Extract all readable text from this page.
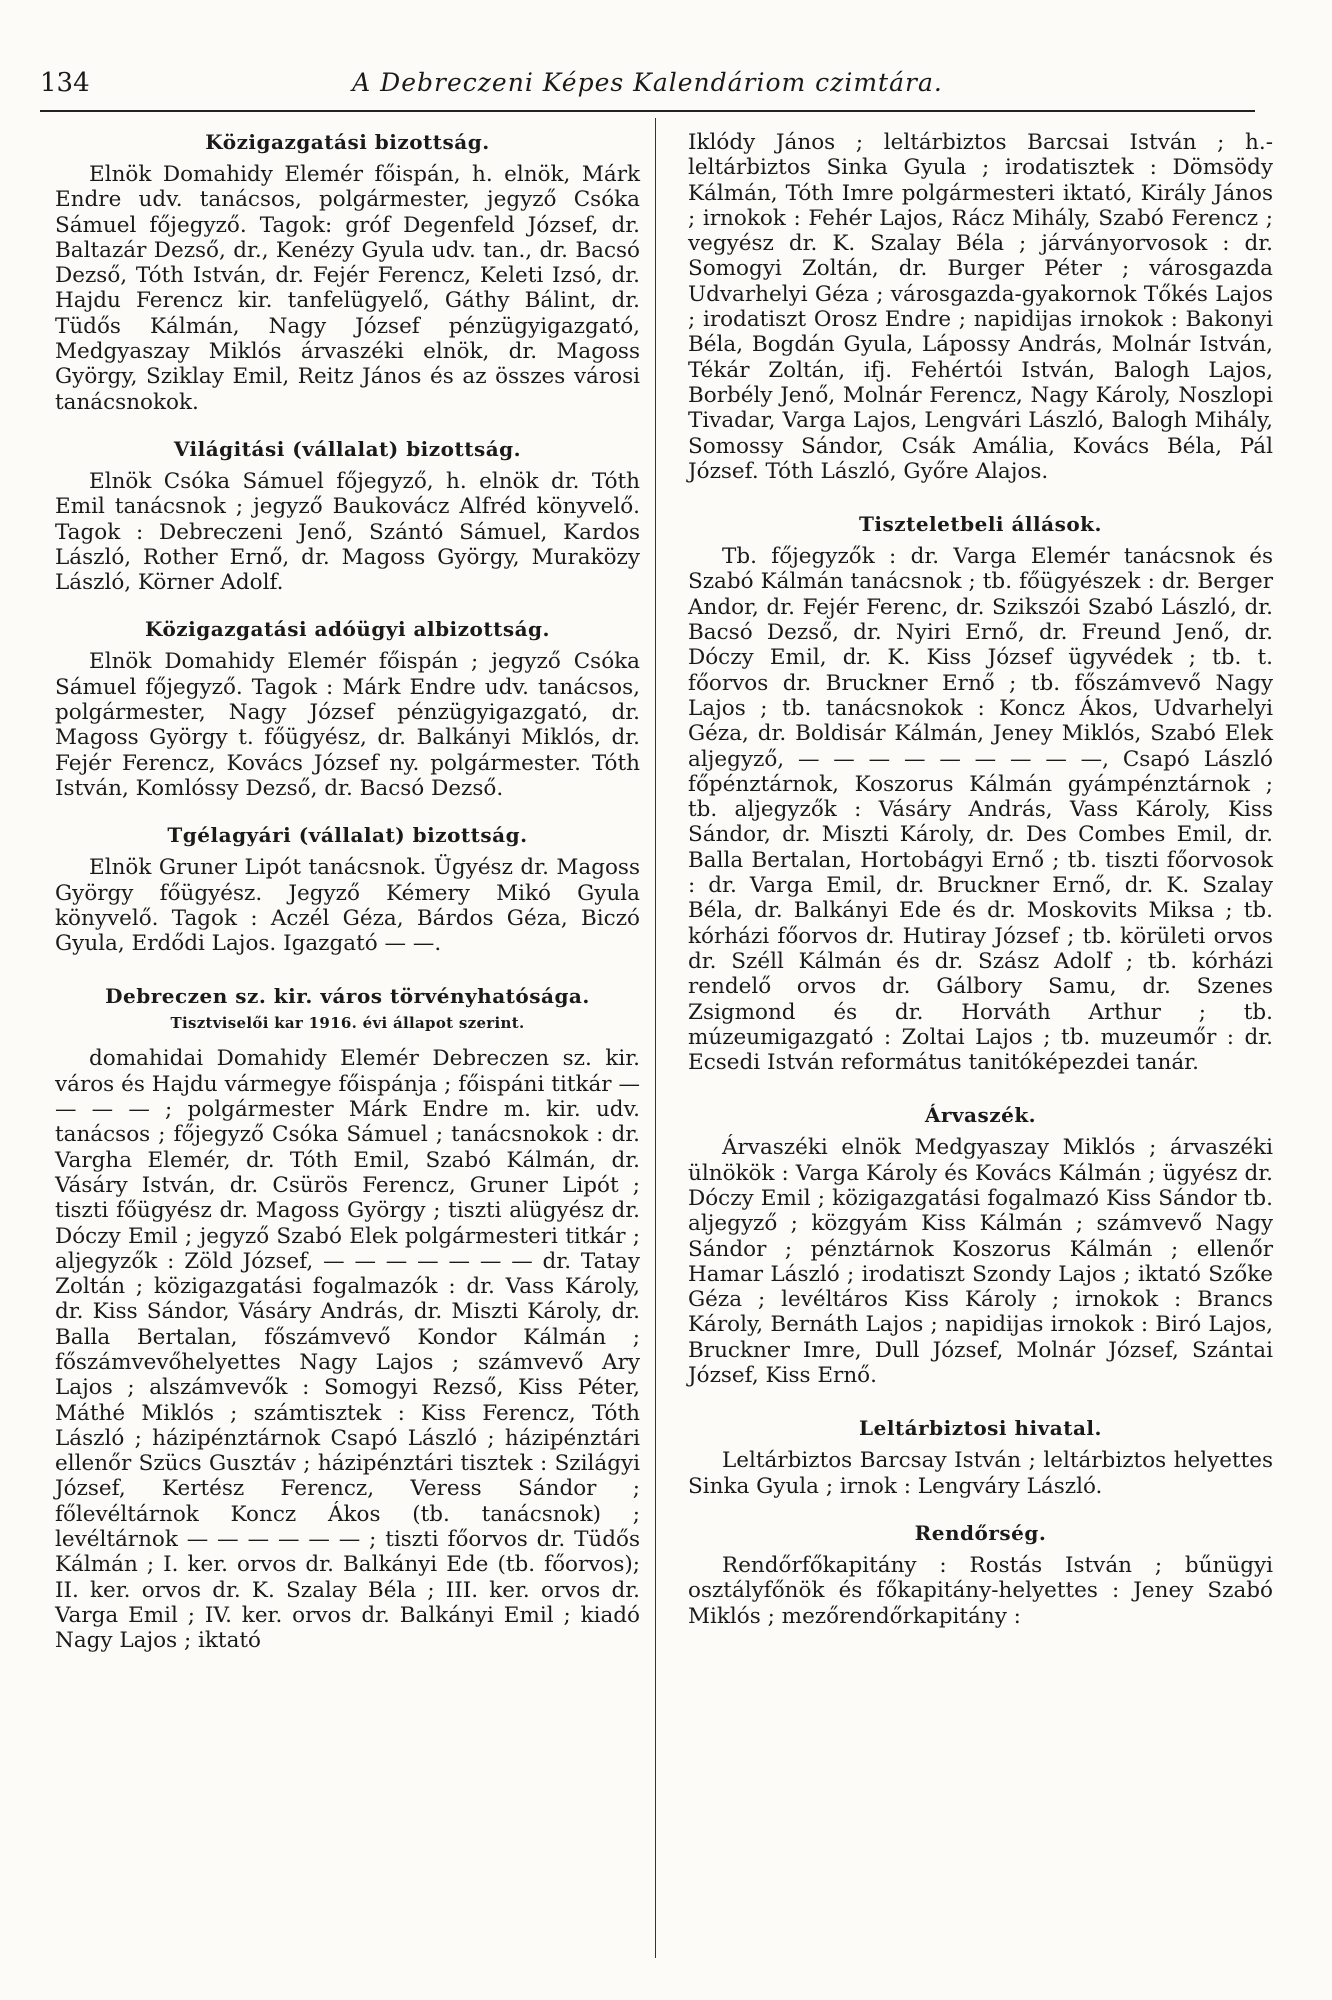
134	A Debreczeni Képes Kalendáriom czimtára.
Közigazgatási bizottság.

Elnök Domahidy Elemér főispán, h. elnök, Márk Endre udv. tanácsos, polgármester, jegyző Csóka Sámuel főjegyző. Tagok: gróf Degenfeld József, dr. Baltazár Dezső, dr., Kenézy Gyula udv. tan., dr. Bacsó Dezső, Tóth István, dr. Fejér Ferencz, Keleti Izsó, dr. Hajdu Ferencz kir. tanfelügyelő, Gáthy Bálint, dr. Tüdős Kálmán, Nagy József pénzügyigazgató, Medgyaszay Miklós árvaszéki elnök, dr. Magoss György, Sziklay Emil, Reitz János és az összes városi tanácsnokok.

Világitási (vállalat) bizottság.

Elnök Csóka Sámuel főjegyző, h. elnök dr. Tóth Emil tanácsnok ; jegyző Baukovácz Alfréd könyvelő. Tagok : Debreczeni Jenő, Szántó Sámuel, Kardos László, Rother Ernő, dr. Magoss György, Muraközy László, Körner Adolf.

Közigazgatási adóügyi albizottság.

Elnök Domahidy Elemér főispán ; jegyző Csóka Sámuel főjegyző. Tagok : Márk Endre udv. tanácsos, polgármester, Nagy József pénzügyigazgató, dr. Magoss György t. főügyész, dr. Balkányi Miklós, dr. Fejér Ferencz, Kovács József ny. polgármester. Tóth István, Komlóssy Dezső, dr. Bacsó Dezső.

Tgélagyári (vállalat) bizottság.

Elnök Gruner Lipót tanácsnok. Ügyész dr. Magoss György főügyész. Jegyző Kémery Mikó Gyula könyvelő. Tagok : Aczél Géza, Bárdos Géza, Biczó Gyula, Erdődi Lajos. Igazgató — —.

Debreczen sz. kir. város törvényhatósága.
Tisztviselői kar 1916. évi állapot szerint.

domahidai Domahidy Elemér Debreczen sz. kir. város és Hajdu vármegye főispánja ; főispáni titkár — — — — ; polgármester Márk Endre m. kir. udv. tanácsos ; főjegyző Csóka Sámuel ; tanácsnokok : dr. Vargha Elemér, dr. Tóth Emil, Szabó Kálmán, dr. Vásáry István, dr. Csürös Ferencz, Gruner Lipót ; tiszti főügyész dr. Magoss György ; tiszti alügyész dr. Dóczy Emil ; jegyző Szabó Elek polgármesteri titkár ; aljegyzők : Zöld József, — — — — — — — dr. Tatay Zoltán ; közigazgatási fogalmazók : dr. Vass Károly, dr. Kiss Sándor, Vásáry András, dr. Miszti Károly, dr. Balla Bertalan, főszámvevő Kondor Kálmán ; főszámvevőhelyettes Nagy Lajos ; számvevő Ary Lajos ; alszámvevők : Somogyi Rezső, Kiss Péter, Máthé Miklós ; számtisztek : Kiss Ferencz, Tóth László ; házipénztárnok Csapó László ; házipénztári ellenőr Szücs Gusztáv ; házipénztári tisztek : Szilágyi József, Kertész Ferencz, Veress Sándor ; főlevéltárnok Koncz Ákos (tb. tanácsnok) ; levéltárnok — — — — — — ; tiszti főorvos dr. Tüdős Kálmán ; I. ker. orvos dr. Balkányi Ede (tb. főorvos); II. ker. orvos dr. K. Szalay Béla ; III. ker. orvos dr. Varga Emil ; IV. ker. orvos dr. Balkányi Emil ; kiadó Nagy Lajos ; iktató

Iklódy János ; leltárbiztos Barcsai István ; h.-leltárbiztos Sinka Gyula ; irodatisztek : Dömsödy Kálmán, Tóth Imre polgármesteri iktató, Király János ; irnokok : Fehér Lajos, Rácz Mihály, Szabó Ferencz ; vegyész dr. K. Szalay Béla ; járványorvosok : dr. Somogyi Zoltán, dr. Burger Péter ; városgazda Udvarhelyi Géza ; városgazda-gyakornok Tőkés Lajos ; irodatiszt Orosz Endre ; napidijas irnokok : Bakonyi Béla, Bogdán Gyula, Lápossy András, Molnár István, Tékár Zoltán, ifj. Fehértói István, Balogh Lajos, Borbély Jenő, Molnár Ferencz, Nagy Károly, Noszlopi Tivadar, Varga Lajos, Lengvári László, Balogh Mihály, Somossy Sándor, Csák Amália, Kovács Béla, Pál József. Tóth László, Győre Alajos.

Tiszteletbeli állások.

Tb. főjegyzők : dr. Varga Elemér tanácsnok és Szabó Kálmán tanácsnok ; tb. főügyészek : dr. Berger Andor, dr. Fejér Ferenc, dr. Szikszói Szabó László, dr. Bacsó Dezső, dr. Nyiri Ernő, dr. Freund Jenő, dr. Dóczy Emil, dr. K. Kiss József ügyvédek ; tb. t. főorvos dr. Bruckner Ernő ; tb. főszámvevő Nagy Lajos ; tb. tanácsnokok : Koncz Ákos, Udvarhelyi Géza, dr. Boldisár Kálmán, Jeney Miklós, Szabó Elek aljegyző, — — — — — — — — —, Csapó László főpénztárnok, Koszorus Kálmán gyámpénztárnok ; tb. aljegyzők : Vásáry András, Vass Károly, Kiss Sándor, dr. Miszti Károly, dr. Des Combes Emil, dr. Balla Bertalan, Hortobágyi Ernő ; tb. tiszti főorvosok : dr. Varga Emil, dr. Bruckner Ernő, dr. K. Szalay Béla, dr. Balkányi Ede és dr. Moskovits Miksa ; tb. kórházi főorvos dr. Hutiray József ; tb. körületi orvos dr. Széll Kálmán és dr. Szász Adolf ; tb. kórházi rendelő orvos dr. Gálbory Samu, dr. Szenes Zsigmond és dr. Horváth Arthur ; tb. múzeumigazgató : Zoltai Lajos ; tb. muzeumőr : dr. Ecsedi István református tanitóképezdei tanár.

Árvaszék.

Árvaszéki elnök Medgyaszay Miklós ; árvaszéki ülnökök : Varga Károly és Kovács Kálmán ; ügyész dr. Dóczy Emil ; közigazgatási fogalmazó Kiss Sándor tb. aljegyző ; közgyám Kiss Kálmán ; számvevő Nagy Sándor ; pénztárnok Koszorus Kálmán ; ellenőr Hamar László ; irodatiszt Szondy Lajos ; iktató Szőke Géza ; levéltáros Kiss Károly ; irnokok : Brancs Károly, Bernáth Lajos ; napidijas irnokok : Biró Lajos, Bruckner Imre, Dull József, Molnár József, Szántai József, Kiss Ernő.

Leltárbiztosi hivatal.

Leltárbiztos Barcsay István ; leltárbiztos helyettes Sinka Gyula ; irnok : Lengváry László.

Rendőrség.

Rendőrfőkapitány : Rostás István ; bűnügyi osztályfőnök és főkapitány-helyettes : Jeney Szabó Miklós ; mezőrendőrkapitány :
